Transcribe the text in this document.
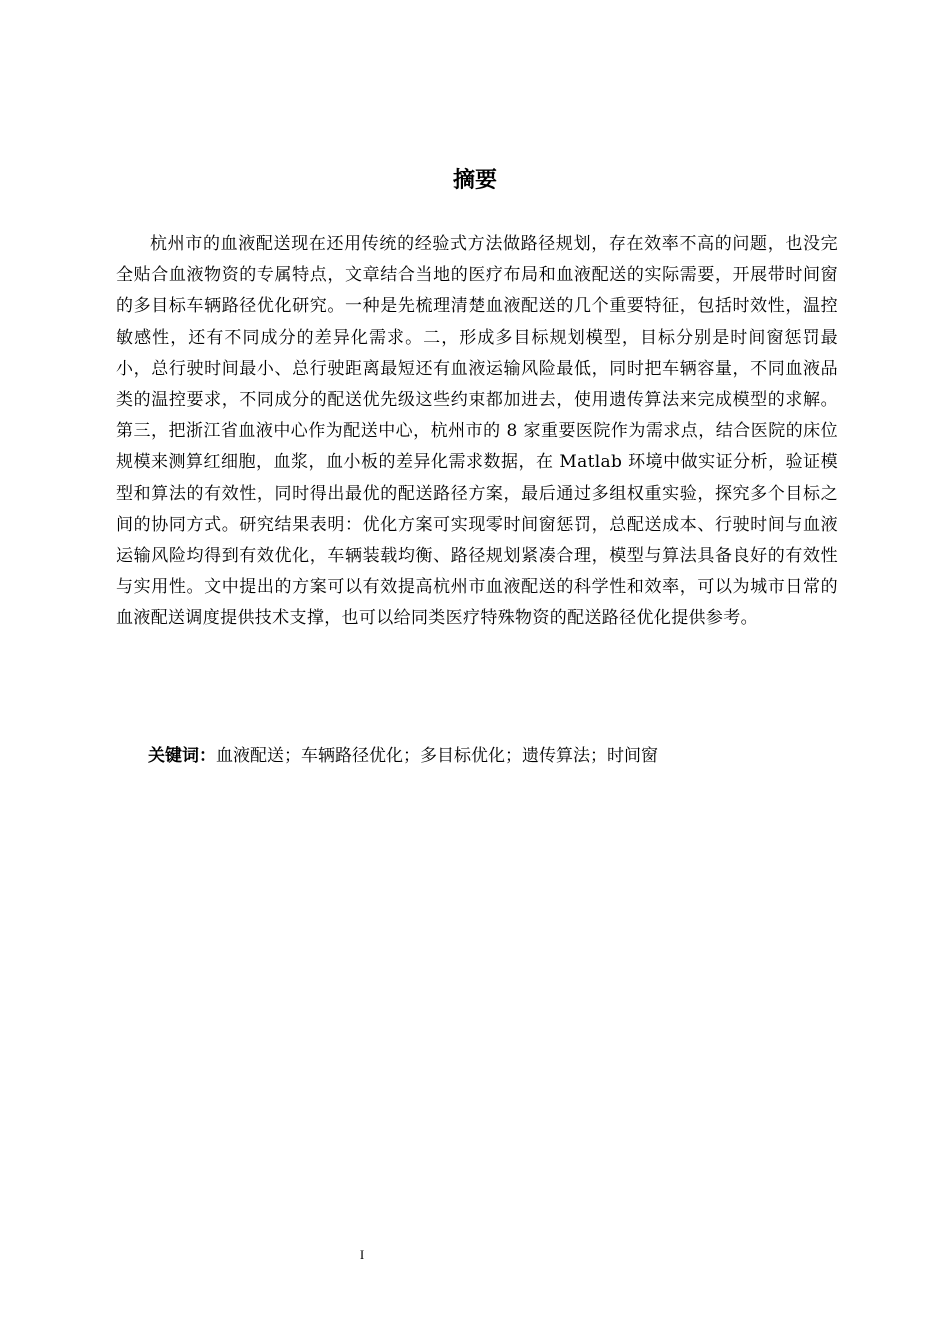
摘要

杭州市的血液配送现在还用传统的经验式方法做路径规划，存在效率不高的问题，也没完全贴合血液物资的专属特点，文章结合当地的医疗布局和血液配送的实际需要，开展带时间窗的多目标车辆路径优化研究。一种是先梳理清楚血液配送的几个重要特征，包括时效性，温控敏感性，还有不同成分的差异化需求。二，形成多目标规划模型，目标分别是时间窗惩罚最小，总行驶时间最小、总行驶距离最短还有血液运输风险最低，同时把车辆容量，不同血液品类的温控要求，不同成分的配送优先级这些约束都加进去，使用遗传算法来完成模型的求解。第三，把浙江省血液中心作为配送中心，杭州市的 8 家重要医院作为需求点，结合医院的床位规模来测算红细胞，血浆，血小板的差异化需求数据，在 Matlab 环境中做实证分析，验证模型和算法的有效性，同时得出最优的配送路径方案，最后通过多组权重实验，探究多个目标之间的协同方式。研究结果表明：优化方案可实现零时间窗惩罚，总配送成本、行驶时间与血液运输风险均得到有效优化，车辆装载均衡、路径规划紧凑合理，模型与算法具备良好的有效性与实用性。文中提出的方案可以有效提高杭州市血液配送的科学性和效率，可以为城市日常的血液配送调度提供技术支撑，也可以给同类医疗特殊物资的配送路径优化提供参考。

关键词：血液配送；车辆路径优化；多目标优化；遗传算法；时间窗

I
